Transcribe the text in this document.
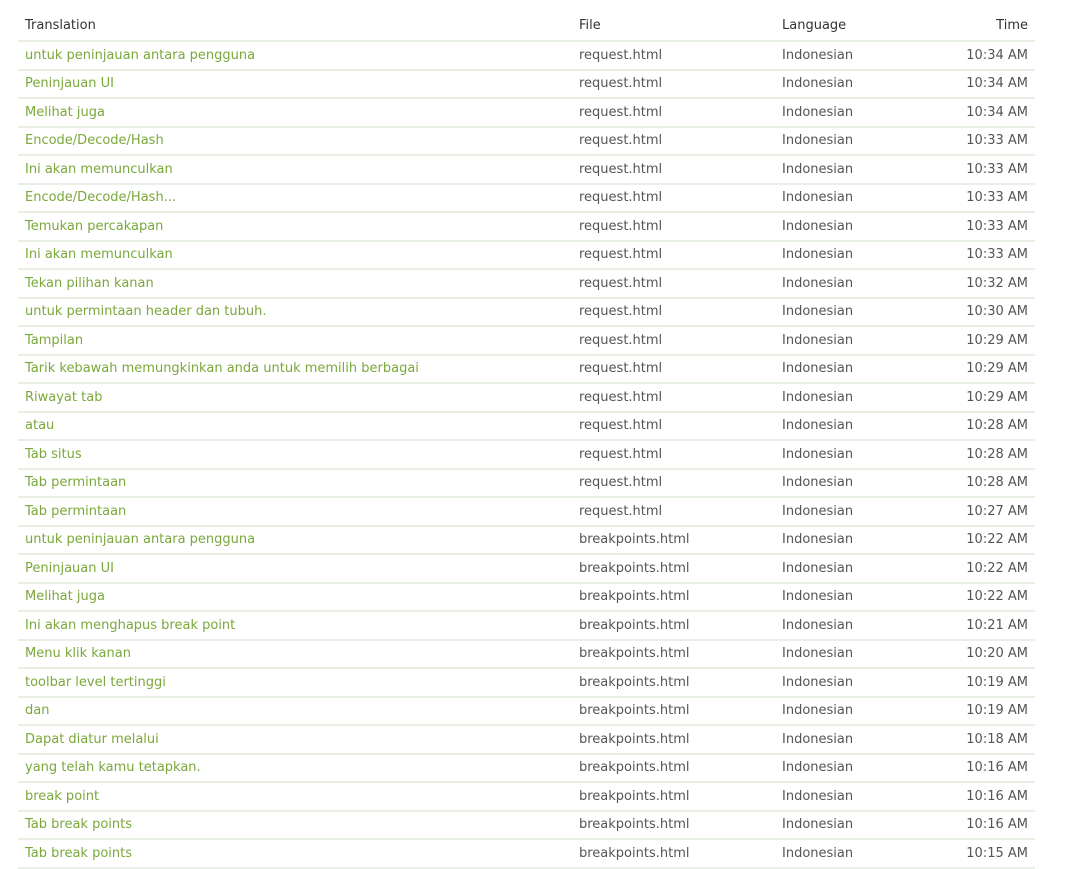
Translation	File	Language	Time
untuk peninjauan antara pengguna	request.html	Indonesian	10:34 AM
Peninjauan UI	request.html	Indonesian	10:34 AM
Melihat juga	request.html	Indonesian	10:34 AM
Encode/Decode/Hash	request.html	Indonesian	10:33 AM
Ini akan memunculkan	request.html	Indonesian	10:33 AM
Encode/Decode/Hash...	request.html	Indonesian	10:33 AM
Temukan percakapan	request.html	Indonesian	10:33 AM
Ini akan memunculkan	request.html	Indonesian	10:33 AM
Tekan pilihan kanan	request.html	Indonesian	10:32 AM
untuk permintaan header dan tubuh.	request.html	Indonesian	10:30 AM
Tampilan	request.html	Indonesian	10:29 AM
Tarik kebawah memungkinkan anda untuk memilih berbagai	request.html	Indonesian	10:29 AM
Riwayat tab	request.html	Indonesian	10:29 AM
atau	request.html	Indonesian	10:28 AM
Tab situs	request.html	Indonesian	10:28 AM
Tab permintaan	request.html	Indonesian	10:28 AM
Tab permintaan	request.html	Indonesian	10:27 AM
untuk peninjauan antara pengguna	breakpoints.html	Indonesian	10:22 AM
Peninjauan UI	breakpoints.html	Indonesian	10:22 AM
Melihat juga	breakpoints.html	Indonesian	10:22 AM
Ini akan menghapus break point	breakpoints.html	Indonesian	10:21 AM
Menu klik kanan	breakpoints.html	Indonesian	10:20 AM
toolbar level tertinggi	breakpoints.html	Indonesian	10:19 AM
dan	breakpoints.html	Indonesian	10:19 AM
Dapat diatur melalui	breakpoints.html	Indonesian	10:18 AM
yang telah kamu tetapkan.	breakpoints.html	Indonesian	10:16 AM
break point	breakpoints.html	Indonesian	10:16 AM
Tab break points	breakpoints.html	Indonesian	10:16 AM
Tab break points	breakpoints.html	Indonesian	10:15 AM
